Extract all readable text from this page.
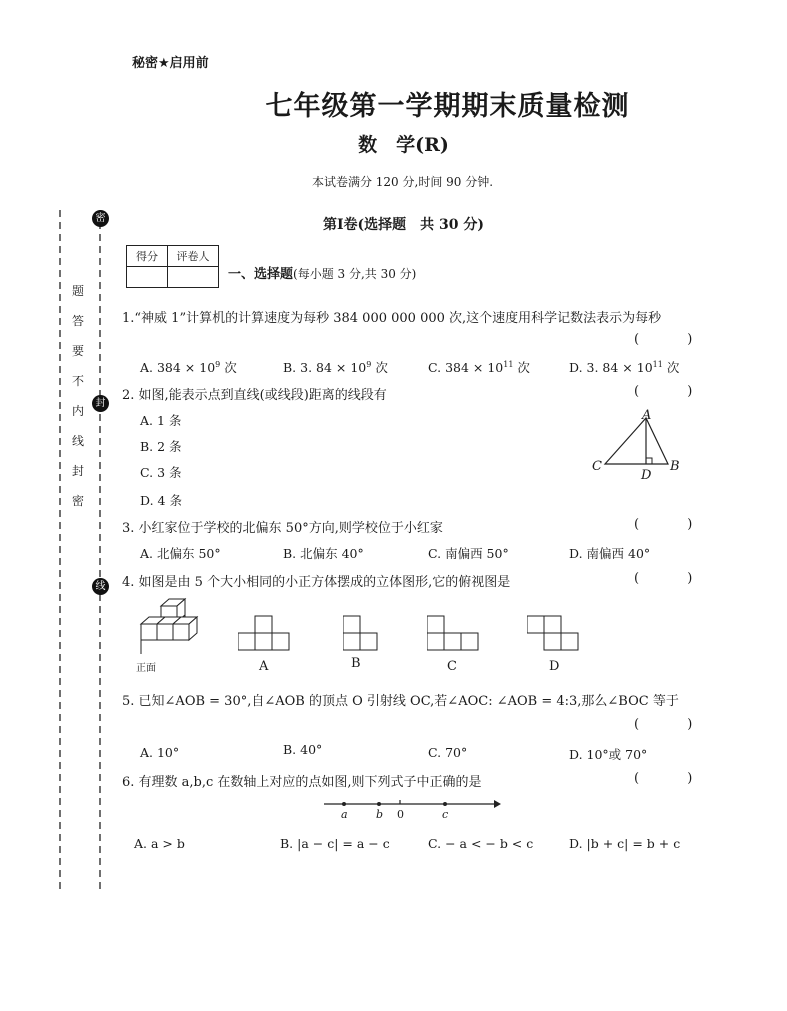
秘密★启用前
七年级第一学期期末质量检测
数　学(R)
本试卷满分 120 分,时间 90 分钟.
第Ⅰ卷(选择题　共 30 分)
密
封
线
密
封
线
内
不
要
答
题
得分	评卷人

一、选择题(每小题 3 分,共 30 分)
1.“神威 1”计算机的计算速度为每秒 384 000 000 000 次,这个速度用科学记数法表示为每秒
( )
A. $384 \times 10^9$ 次	B. 3. $84 \times 10^9$ 次	C. $384 \times 10^{11}$ 次	D. 3. $84 \times 10^{11}$ 次
2. 如图,能表示点到直线(或线段)距离的线段有	( )
A. 1 条
B. 2 条
C. 3 条
D. 4 条
A
B
C
D
3. 小红家位于学校的北偏东 50°方向,则学校位于小红家	( )
A. 北偏东 50°	B. 北偏东 40°	C. 南偏西 50°	D. 南偏西 40°
4. 如图是由 5 个大小相同的小正方体摆成的立体图形,它的俯视图是	( )
正面	A	B	C	D
5. 已知∠AOB = 30°,自∠AOB 的顶点 O 引射线 OC,若∠AOC: ∠AOB = 4:3,那么∠BOC 等于
( )
A. 10°	B. 40°	C. 70°	D. 10°或 70°
6. 有理数 a,b,c 在数轴上对应的点如图,则下列式子中正确的是	( )
a	b 0	c
A. a > b	B. |a − c| = a − c	C. − a < − b < c	D. |b + c| = b + c
